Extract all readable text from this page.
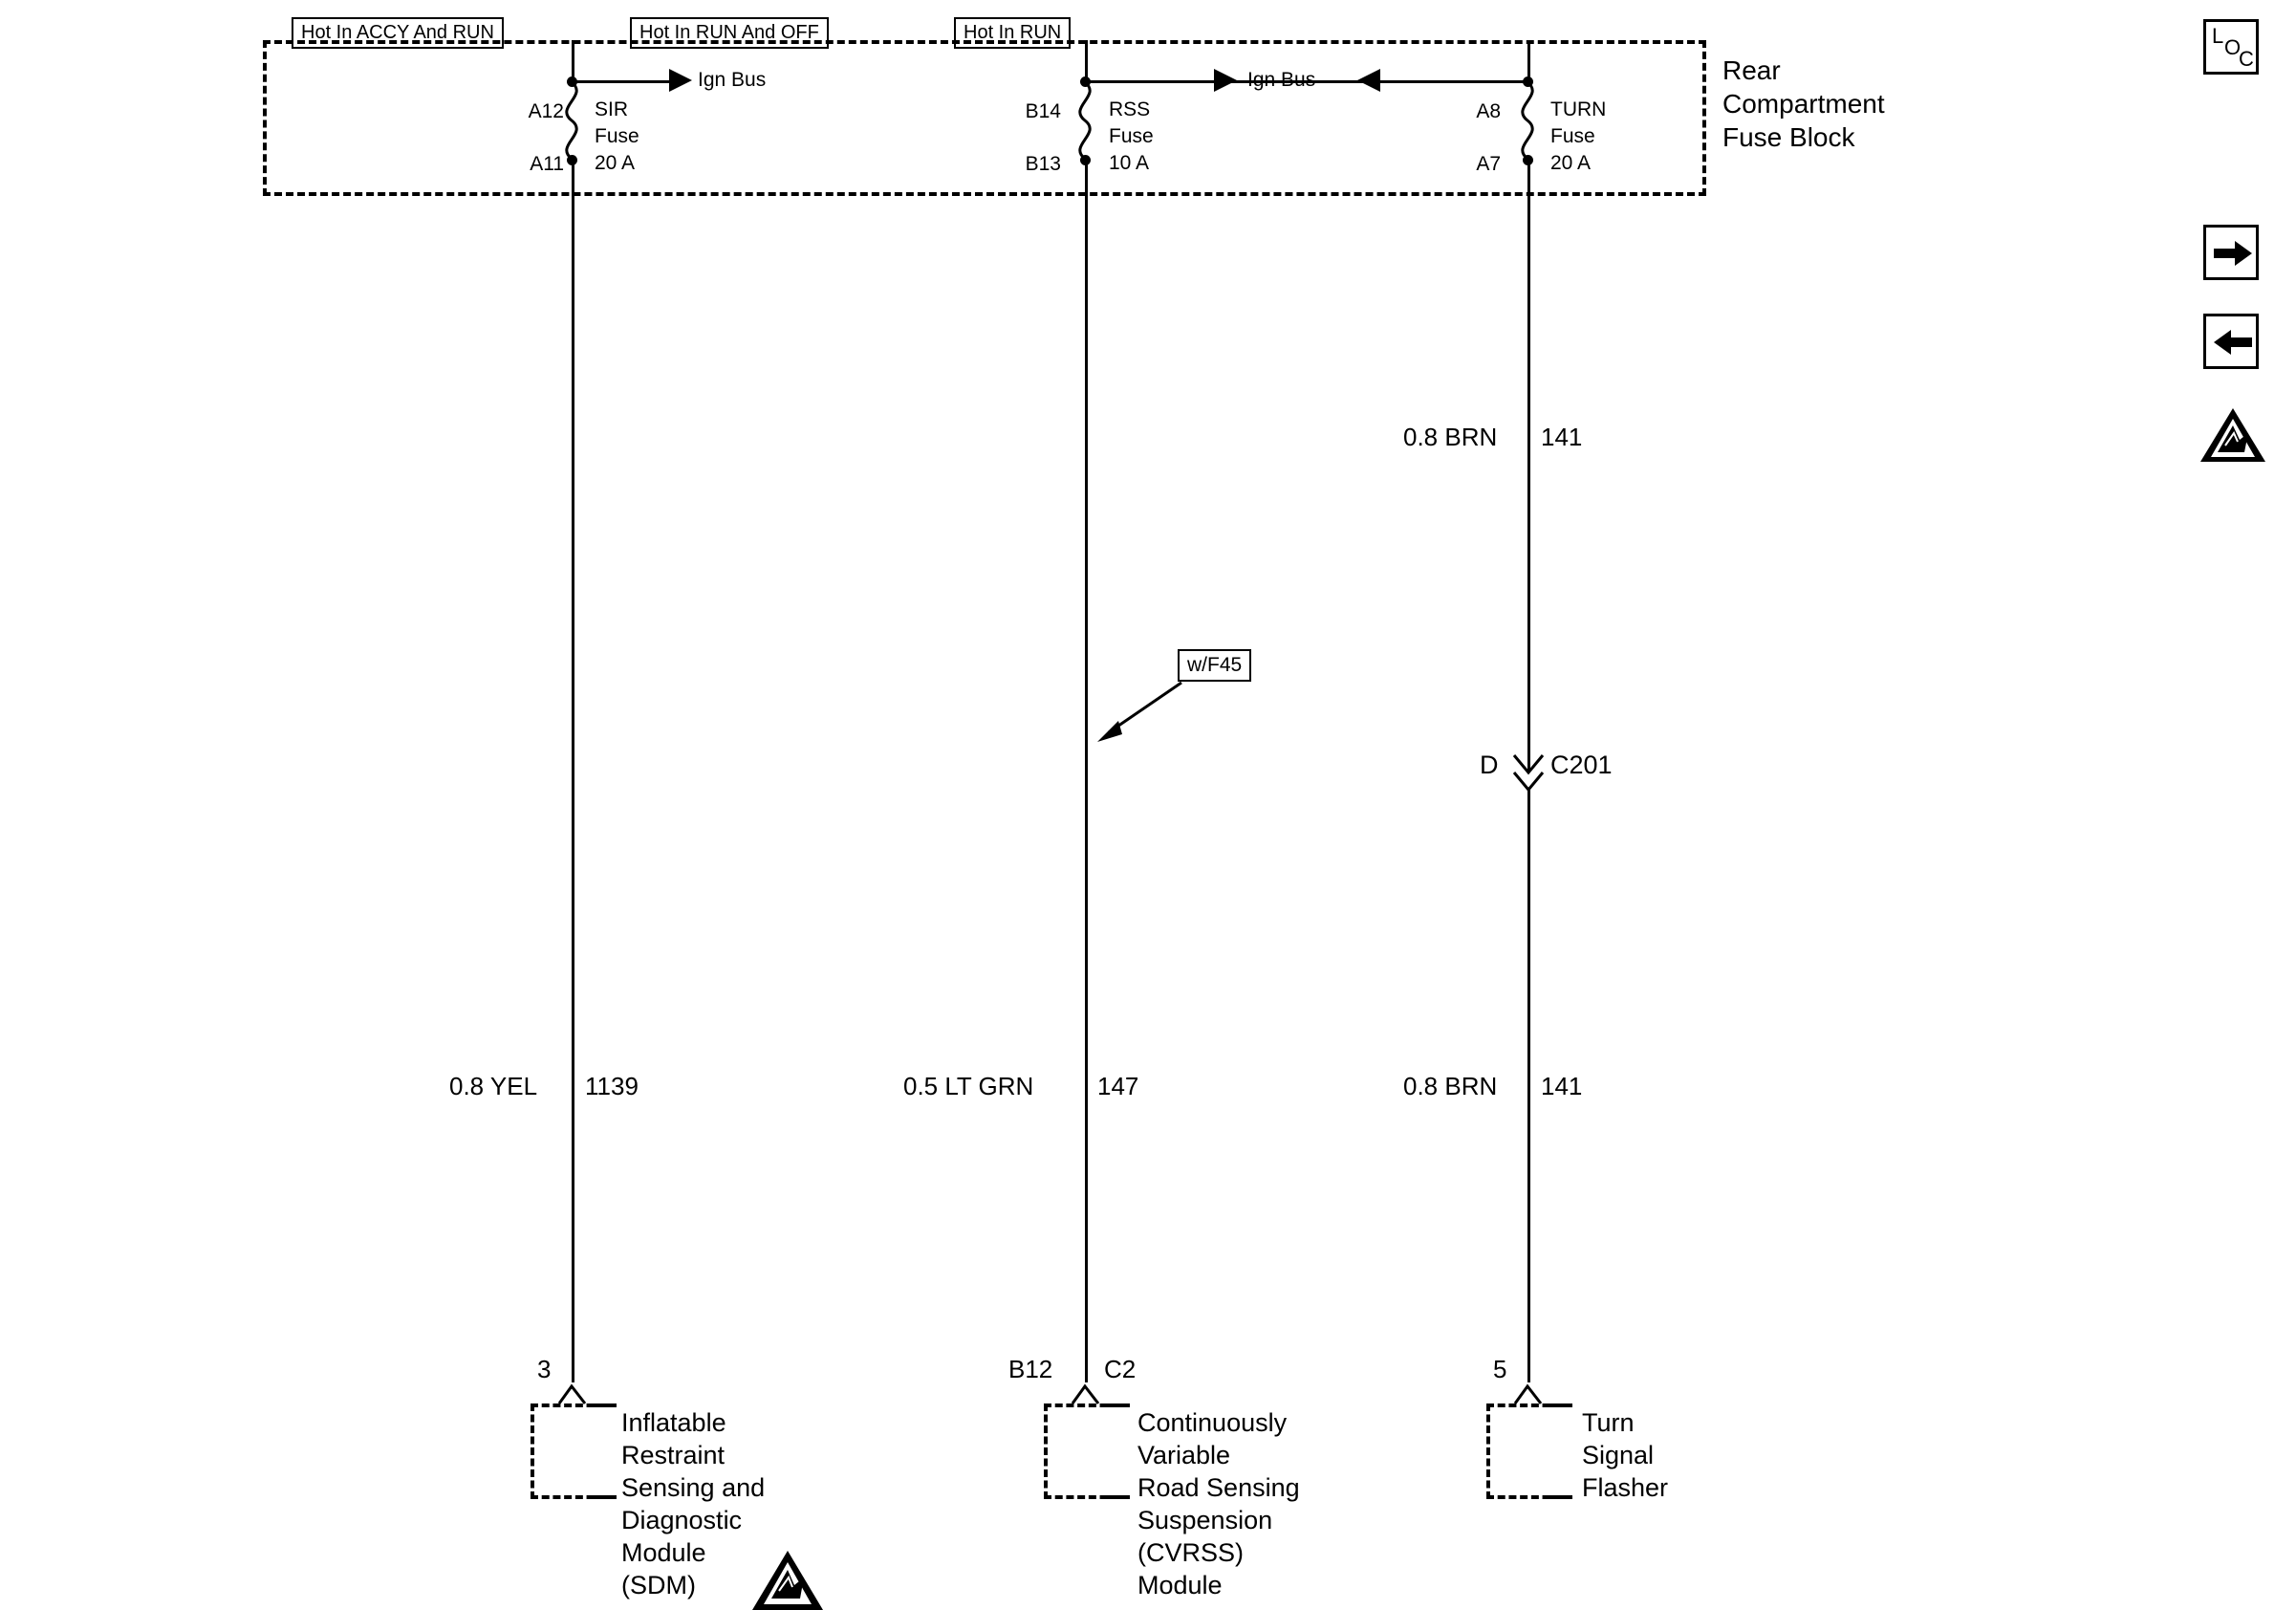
Hot In ACCY And RUN	Hot In RUN And OFF	Hot In RUN
Rear
Compartment
Fuse Block
Ign Bus
A12
A11
SIR
Fuse
20 A
0.8 YEL 1139
3
Inflatable
Restraint
Sensing and
Diagnostic
Module
(SDM)
Ign Bus
B14
B13
RSS
Fuse
10 A
0.5 LT GRN	147
w/F45
B12 C2
Continuously
Variable
Road Sensing
Suspension
(CVRSS)
Module
A8
A7
TURN
Fuse
20 A
0.8 BRN 141
D C201
0.8 BRN 141
5
Turn
Signal
Flasher
L O
C
